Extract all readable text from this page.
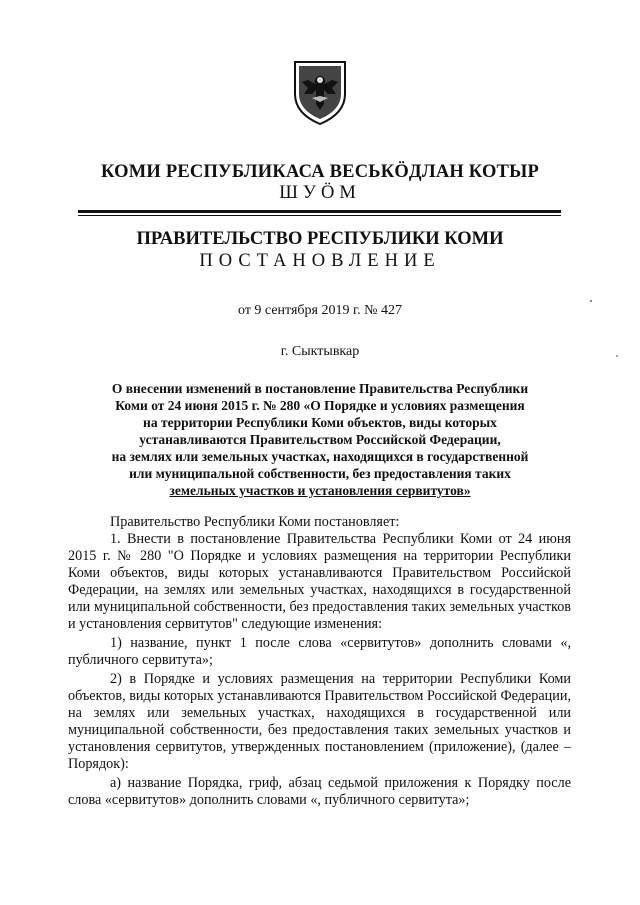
КОМИ РЕСПУБЛИКАСА ВЕСЬКӦДЛАН КОТЫР
ШУӦМ
ПРАВИТЕЛЬСТВО РЕСПУБЛИКИ КОМИ
ПОСТАНОВЛЕНИЕ
от 9 сентября 2019 г. № 427
г. Сыктывкар
О внесении изменений в постановление Правительства Республики
Коми от 24 июня 2015 г. № 280 «О Порядке и условиях размещения
на территории Республики Коми объектов, виды которых
устанавливаются Правительством Российской Федерации,
на землях или земельных участках, находящихся в государственной
или муниципальной собственности, без предоставления таких
земельных участков и установления сервитутов»

Правительство Республики Коми постановляет:

1. Внести в постановление Правительства Республики Коми от 24 июня 2015 г. № 280 "О Порядке и условиях размещения на территории Республики Коми объектов, виды которых устанавливаются Правительством Российской Федерации, на землях или земельных участках, находящихся в государственной или муниципальной собственности, без предоставления таких земельных участков и установления сервитутов" следующие изменения:

1) название, пункт 1 после слова «сервитутов» дополнить словами «, публичного сервитута»;

2) в Порядке и условиях размещения на территории Республики Коми объектов, виды которых устанавливаются Правительством Российской Федерации, на землях или земельных участках, находящихся в государственной или муниципальной собственности, без предоставления таких земельных участков и установления сервитутов, утвержденных постановлением (приложение), (далее – Порядок):

а) название Порядка, гриф, абзац седьмой приложения к Порядку после слова «сервитутов» дополнить словами «, публичного сервитута»;
